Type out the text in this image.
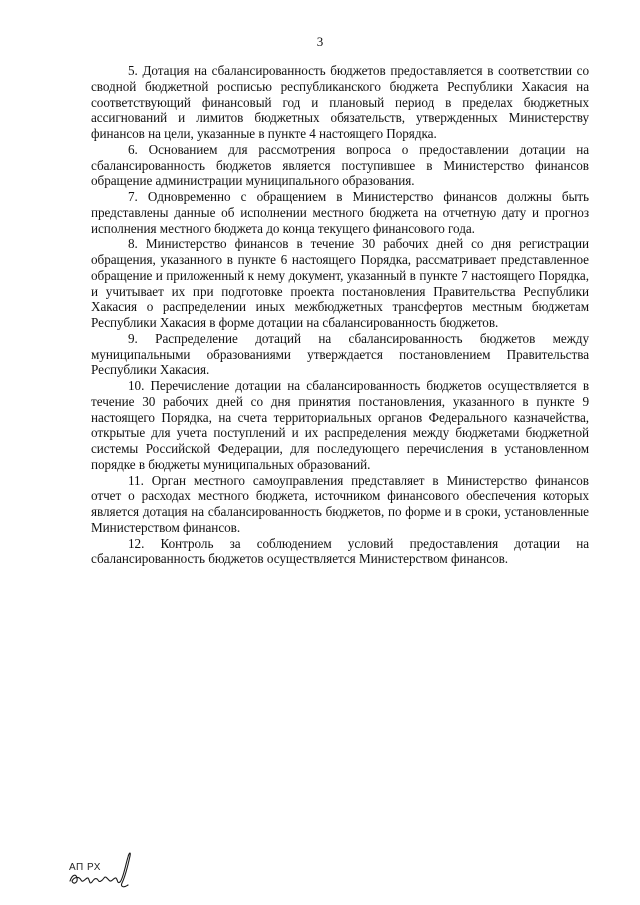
3

5. Дотация на сбалансированность бюджетов предоставляется в соответствии со сводной бюджетной росписью республиканского бюджета Республики Хакасия на соответствующий финансовый год и плановый период в пределах бюджетных ассигнований и лимитов бюджетных обязательств, утвержденных Министерству финансов на цели, указанные в пункте 4 настоящего Порядка.

6. Основанием для рассмотрения вопроса о предоставлении дотации на сбалансированность бюджетов является поступившее в Министерство финансов обращение администрации муниципального образования.

7. Одновременно с обращением в Министерство финансов должны быть представлены данные об исполнении местного бюджета на отчетную дату и прогноз исполнения местного бюджета до конца текущего финансового года.

8. Министерство финансов в течение 30 рабочих дней со дня регистрации обращения, указанного в пункте 6 настоящего Порядка, рассматривает представленное обращение и приложенный к нему документ, указанный в пункте 7 настоящего Порядка, и учитывает их при подготовке проекта постановления Правительства Республики Хакасия о распределении иных межбюджетных трансфертов местным бюджетам Республики Хакасия в форме дотации на сбалансированность бюджетов.

9. Распределение дотаций на сбалансированность бюджетов между муниципальными образованиями утверждается постановлением Правительства Республики Хакасия.

10. Перечисление дотации на сбалансированность бюджетов осуществляется в течение 30 рабочих дней со дня принятия постановления, указанного в пункте 9 настоящего Порядка, на счета территориальных органов Федерального казначейства, открытые для учета поступлений и их распределения между бюджетами бюджетной системы Российской Федерации, для последующего перечисления в установленном порядке в бюджеты муниципальных образований.

11. Орган местного самоуправления представляет в Министерство финансов отчет о расходах местного бюджета, источником финансового обеспечения которых является дотация на сбалансированность бюджетов, по форме и в сроки, установленные Министерством финансов.

12. Контроль за соблюдением условий предоставления дотации на сбалансированность бюджетов осуществляется Министерством финансов.

АП РХ
